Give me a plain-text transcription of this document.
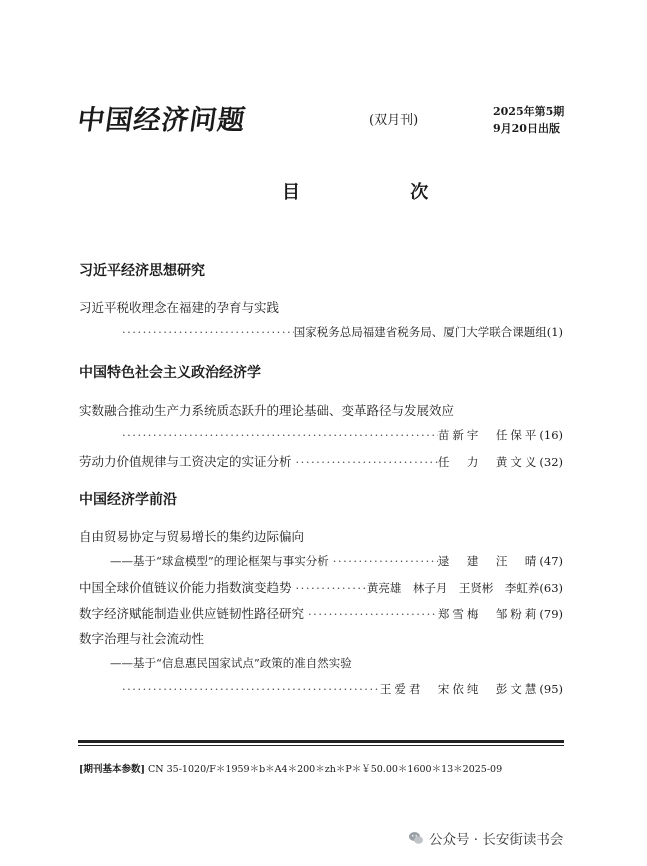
中国经济问题	(双月刊)
2025年第5期
9月20日出版
目 次
习近平经济思想研究
习近平税收理念在福建的孕育与实践
·····
国家税务总局福建省税务局、厦门大学联合课题组 (1)
中国特色社会主义政治经济学
实数融合推动生产力系统质态跃升的理论基础、变革路径与发展效应
·····
苗新宇　任保平 (16)
劳动力价值规律与工资决定的实证分析 ·····	任　力　黄文义 (32)
中国经济学前沿
自由贸易协定与贸易增长的集约边际偏向
——基于“球盒模型”的理论框架与事实分析 ·····	逯　建　汪　晴 (47)
中国全球价值链议价能力指数演变趋势 ·····	黄亮雄　林子月　王贤彬　李虹养 (63)
数字经济赋能制造业供应链韧性路径研究 ·····	郑雪梅　邹粉莉 (79)
数字治理与社会流动性
——基于“信息惠民国家试点”政策的准自然实验
·····
王爱君　宋依纯　彭文慧 (95)
[期刊基本参数] CN 35-1020/F＊1959＊b＊A4＊200＊zh＊P＊￥50.00＊1600＊13＊2025-09
公众号 · 长安街读书会
